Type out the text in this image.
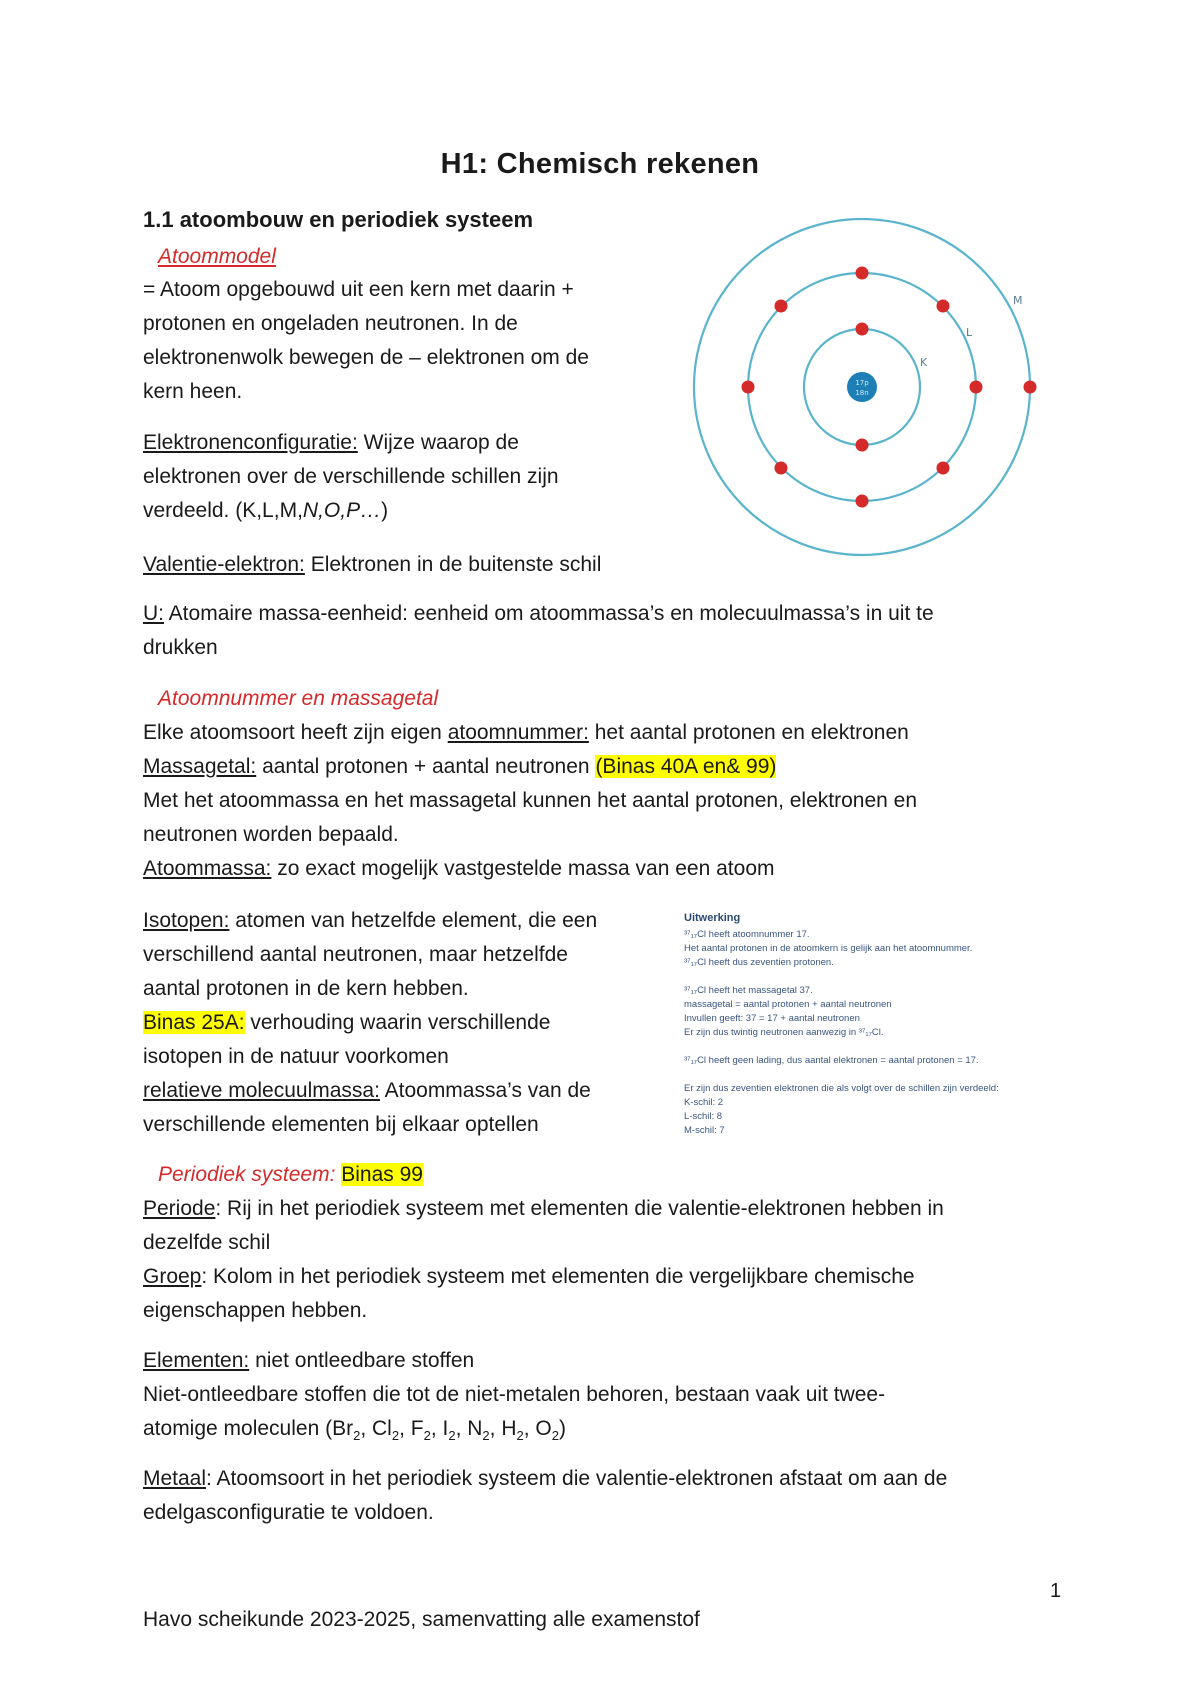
H1: Chemisch rekenen
1.1 atoombouw en periodiek systeem
Atoommodel
= Atoom opgebouwd uit een kern met daarin +
protonen en ongeladen neutronen. In de
elektronenwolk bewegen de – elektronen om de
kern heen.
Elektronenconfiguratie: Wijze waarop de
elektronen over de verschillende schillen zijn
verdeeld. (K,L,M,N,O,P…)
Valentie-elektron: Elektronen in de buitenste schil
U: Atomaire massa-eenheid: eenheid om atoommassa’s en molecuulmassa’s in uit te
drukken
Atoomnummer en massagetal
Elke atoomsoort heeft zijn eigen atoomnummer: het aantal protonen en elektronen
Massagetal: aantal protonen + aantal neutronen (Binas 40A en& 99)
Met het atoommassa en het massagetal kunnen het aantal protonen, elektronen en
neutronen worden bepaald.
Atoommassa: zo exact mogelijk vastgestelde massa van een atoom
Isotopen: atomen van hetzelfde element, die een
verschillend aantal neutronen, maar hetzelfde
aantal protonen in de kern hebben.
Binas 25A: verhouding waarin verschillende
isotopen in de natuur voorkomen
relatieve molecuulmassa: Atoommassa’s van de
verschillende elementen bij elkaar optellen
Uitwerking
³⁷₁₇Cl heeft atoomnummer 17.
Het aantal protonen in de atoomkern is gelijk aan het atoomnummer.
³⁷₁₇Cl heeft dus zeventien protonen.
³⁷₁₇Cl heeft het massagetal 37.
massagetal = aantal protonen + aantal neutronen
Invullen geeft: 37 = 17 + aantal neutronen
Er zijn dus twintig neutronen aanwezig in ³⁷₁₇Cl.
³⁷₁₇Cl heeft geen lading, dus aantal elektronen = aantal protonen = 17.
Er zijn dus zeventien elektronen die als volgt over de schillen zijn verdeeld:
K-schil: 2
L-schil: 8
M-schil: 7
Periodiek systeem: Binas 99
Periode: Rij in het periodiek systeem met elementen die valentie-elektronen hebben in
dezelfde schil
Groep: Kolom in het periodiek systeem met elementen die vergelijkbare chemische
eigenschappen hebben.
Elementen: niet ontleedbare stoffen
Niet-ontleedbare stoffen die tot de niet-metalen behoren, bestaan vaak uit twee-
atomige moleculen ($Br_2$, $Cl_2$, $F_2$, $I_2$, $N_2$, $H_2$, $O_2$)
Metaal: Atoomsoort in het periodiek systeem die valentie-elektronen afstaat om aan de
edelgasconfiguratie te voldoen.
1
Havo scheikunde 2023-2025, samenvatting alle examenstof
17p
18n
K
L
M
